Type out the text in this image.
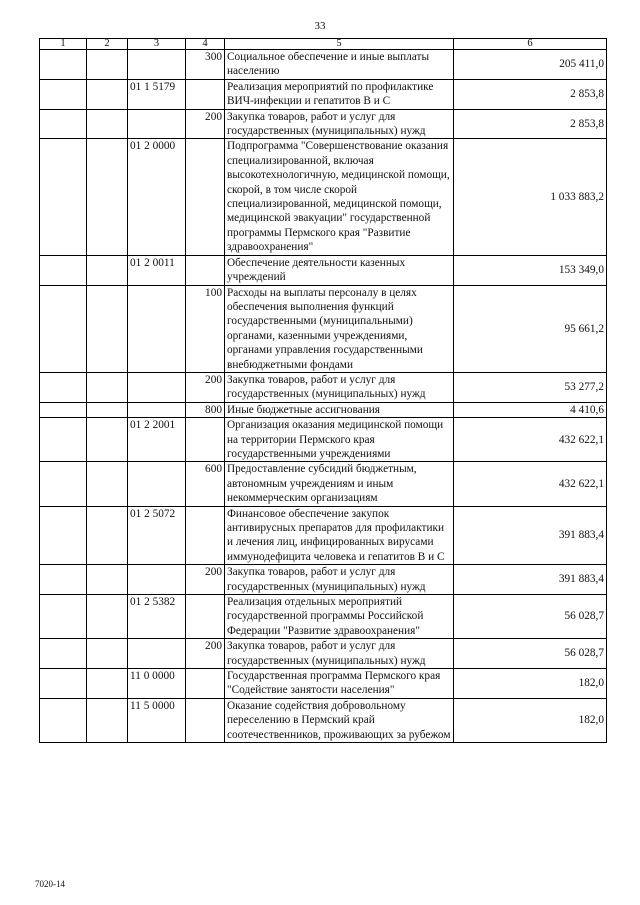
33
1	2	3	4	5	6
			300	Социальное обеспечение и иные выплаты населению	205 411,0
		01 1 5179		Реализация мероприятий по профилактике ВИЧ-инфекции и гепатитов В и С	2 853,8
			200	Закупка товаров, работ и услуг для государственных (муниципальных) нужд	2 853,8
		01 2 0000		Подпрограмма "Совершенствование оказания специализированной, включая высокотехнологичную, медицинской помощи, скорой, в том числе скорой специализированной, медицинской помощи, медицинской эвакуации" государственной программы Пермского края "Развитие здравоохранения"	1 033 883,2
		01 2 0011		Обеспечение деятельности казенных учреждений	153 349,0
			100	Расходы на выплаты персоналу в целях обеспечения выполнения функций государственными (муниципальными) органами, казенными учреждениями, органами управления государственными внебюджетными фондами	95 661,2
			200	Закупка товаров, работ и услуг для государственных (муниципальных) нужд	53 277,2
			800	Иные бюджетные ассигнования	4 410,6
		01 2 2001		Организация оказания медицинской помощи на территории Пермского края государственными учреждениями	432 622,1
			600	Предоставление субсидий бюджетным, автономным учреждениям и иным некоммерческим организациям	432 622,1
		01 2 5072		Финансовое обеспечение закупок антивирусных препаратов для профилактики и лечения лиц, инфицированных вирусами иммунодефицита человека и гепатитов В и С	391 883,4
			200	Закупка товаров, работ и услуг для государственных (муниципальных) нужд	391 883,4
		01 2 5382		Реализация отдельных мероприятий государственной программы Российской Федерации "Развитие здравоохранения"	56 028,7
			200	Закупка товаров, работ и услуг для государственных (муниципальных) нужд	56 028,7
		11 0 0000		Государственная программа Пермского края "Содействие занятости населения"	182,0
		11 5 0000		Оказание содействия добровольному переселению в Пермский край соотечественников, проживающих за рубежом	182,0
7020-14
